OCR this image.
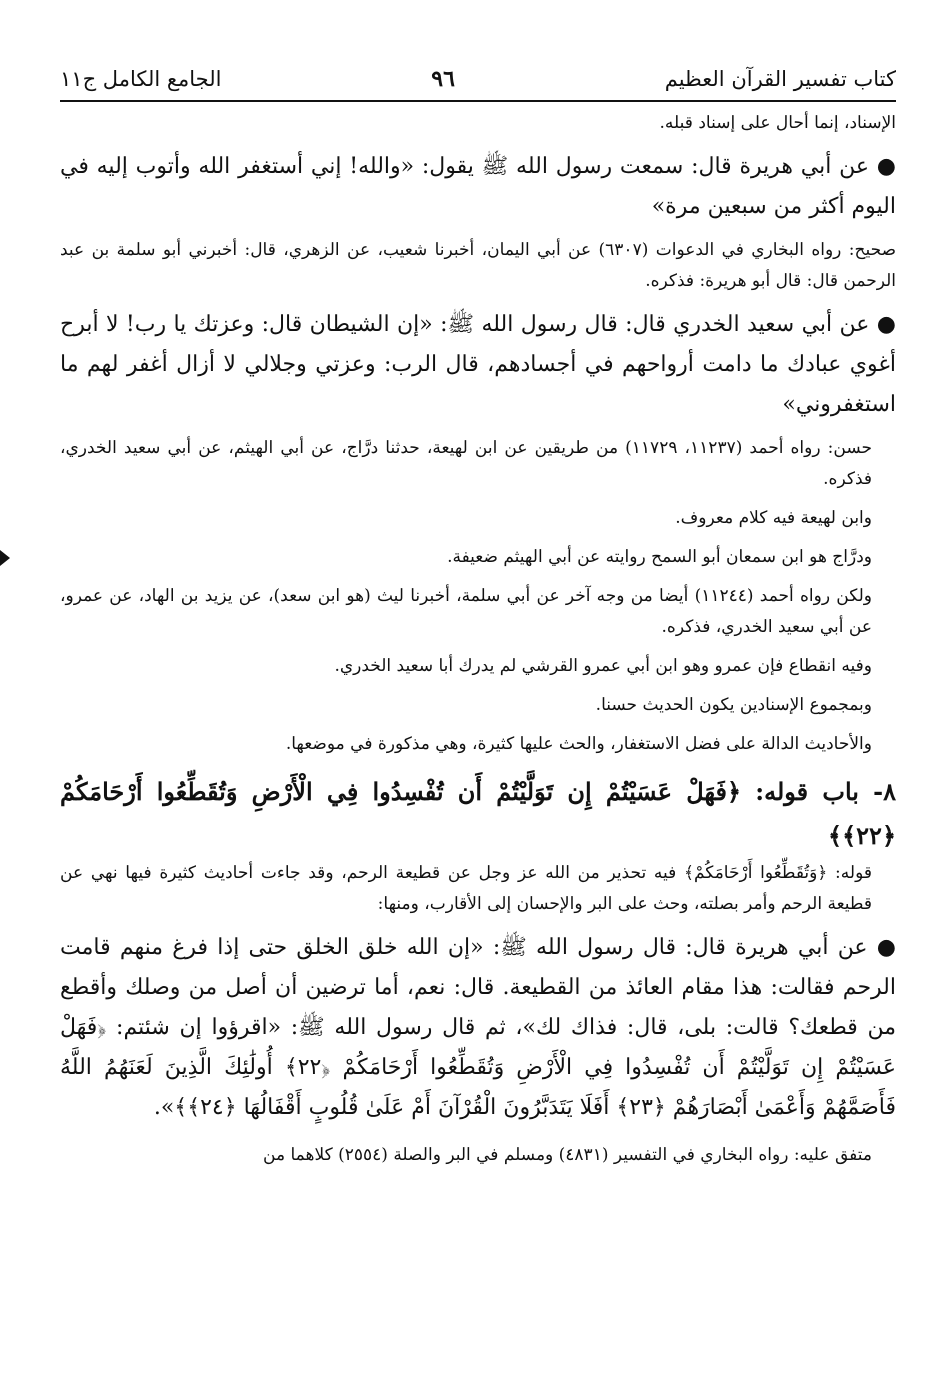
كتاب تفسير القرآن العظيم
٩٦
الجامع الكامل ج١١

الإسناد، إنما أحال على إسناد قبله.

● عن أبي هريرة قال: سمعت رسول الله ﷺ يقول: «والله! إني أستغفر الله وأتوب إليه في اليوم أكثر من سبعين مرة»

صحيح: رواه البخاري في الدعوات (٦٣٠٧) عن أبي اليمان، أخبرنا شعيب، عن الزهري، قال: أخبرني أبو سلمة بن عبد الرحمن قال: قال أبو هريرة: فذكره.

● عن أبي سعيد الخدري قال: قال رسول الله ﷺ: «إن الشيطان قال: وعزتك يا رب! لا أبرح أغوي عبادك ما دامت أرواحهم في أجسادهم، قال الرب: وعزتي وجلالي لا أزال أغفر لهم ما استغفروني»

حسن: رواه أحمد (١١٢٣٧، ١١٧٢٩) من طريقين عن ابن لهيعة، حدثنا درَّاج، عن أبي الهيثم، عن أبي سعيد الخدري، فذكره.

وابن لهيعة فيه كلام معروف.

ودرَّاج هو ابن سمعان أبو السمح روايته عن أبي الهيثم ضعيفة.

ولكن رواه أحمد (١١٢٤٤) أيضا من وجه آخر عن أبي سلمة، أخبرنا ليث (هو ابن سعد)، عن يزيد بن الهاد، عن عمرو، عن أبي سعيد الخدري، فذكره.

وفيه انقطاع فإن عمرو وهو ابن أبي عمرو القرشي لم يدرك أبا سعيد الخدري.

وبمجموع الإسنادين يكون الحديث حسنا.

والأحاديث الدالة على فضل الاستغفار، والحث عليها كثيرة، وهي مذكورة في موضعها.

٨- باب قوله: ﴿فَهَلْ عَسَيْتُمْ إِن تَوَلَّيْتُمْ أَن تُفْسِدُوا فِي الْأَرْضِ وَتُقَطِّعُوا أَرْحَامَكُمْ ﴿٢٢﴾﴾

قوله: ﴿وَتُقَطِّعُوا أَرْحَامَكُمْ﴾ فيه تحذير من الله عز وجل عن قطيعة الرحم، وقد جاءت أحاديث كثيرة فيها نهي عن قطيعة الرحم وأمر بصلته، وحث على البر والإحسان إلى الأقارب، ومنها:

● عن أبي هريرة قال: قال رسول الله ﷺ: «إن الله خلق الخلق حتى إذا فرغ منهم قامت الرحم فقالت: هذا مقام العائذ من القطيعة. قال: نعم، أما ترضين أن أصل من وصلك وأقطع من قطعك؟ قالت: بلى، قال: فذاك لك»، ثم قال رسول الله ﷺ: «اقرؤوا إن شئتم: ﴿فَهَلْ عَسَيْتُمْ إِن تَوَلَّيْتُمْ أَن تُفْسِدُوا فِي الْأَرْضِ وَتُقَطِّعُوا أَرْحَامَكُمْ ﴿٢٢﴾ أُولَٰئِكَ الَّذِينَ لَعَنَهُمُ اللَّهُ فَأَصَمَّهُمْ وَأَعْمَىٰ أَبْصَارَهُمْ ﴿٢٣﴾ أَفَلَا يَتَدَبَّرُونَ الْقُرْآنَ أَمْ عَلَىٰ قُلُوبٍ أَقْفَالُهَا ﴿٢٤﴾﴾».

متفق عليه: رواه البخاري في التفسير (٤٨٣١) ومسلم في البر والصلة (٢٥٥٤) كلاهما من
